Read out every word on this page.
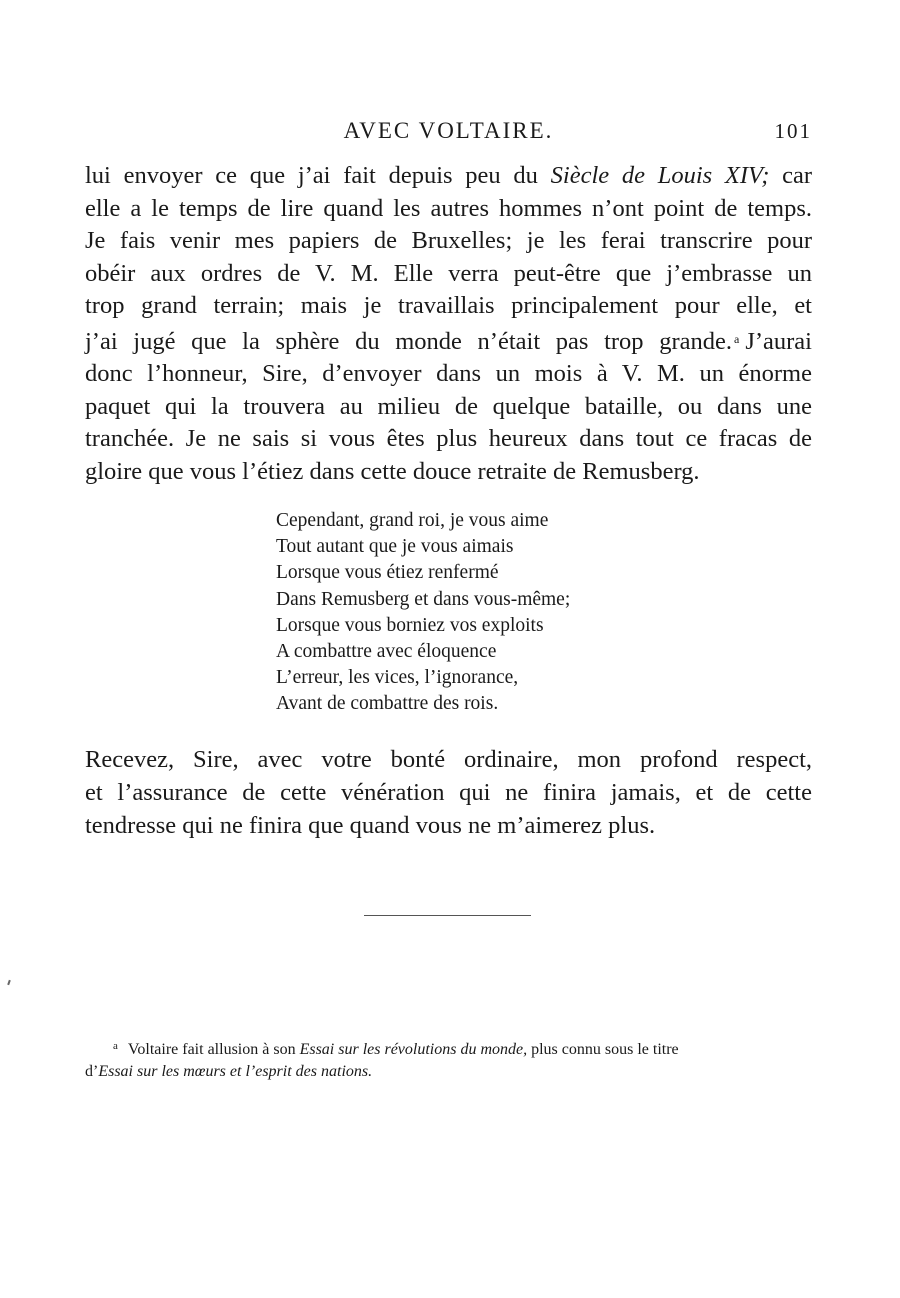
AVEC VOLTAIRE.	101

lui envoyer ce que j’ai fait depuis peu du Siècle de Louis XIV; car
elle a le temps de lire quand les autres hommes n’ont point de temps.
Je fais venir mes papiers de Bruxelles; je les ferai transcrire pour
obéir aux ordres de V. M. Elle verra peut-être que j’embrasse un
trop grand terrain; mais je travaillais principalement pour elle, et
j’ai jugé que la sphère du monde n’était pas trop grande. $^a$ J’aurai
donc l’honneur, Sire, d’envoyer dans un mois à V. M. un énorme
paquet qui la trouvera au milieu de quelque bataille, ou dans une
tranchée. Je ne sais si vous êtes plus heureux dans tout ce fracas de
gloire que vous l’étiez dans cette douce retraite de Remusberg.

Cependant, grand roi, je vous aime
Tout autant que je vous aimais
Lorsque vous étiez renfermé
Dans Remusberg et dans vous-même;
Lorsque vous borniez vos exploits
A combattre avec éloquence
L’erreur, les vices, l’ignorance,
Avant de combattre des rois.

Recevez, Sire, avec votre bonté ordinaire, mon profond respect,
et l’assurance de cette vénération qui ne finira jamais, et de cette
tendresse qui ne finira que quand vous ne m’aimerez plus.

$^a$ Voltaire fait allusion à son Essai sur les révolutions du monde, plus connu sous le titre
d’Essai sur les mœurs et l’esprit des nations.
